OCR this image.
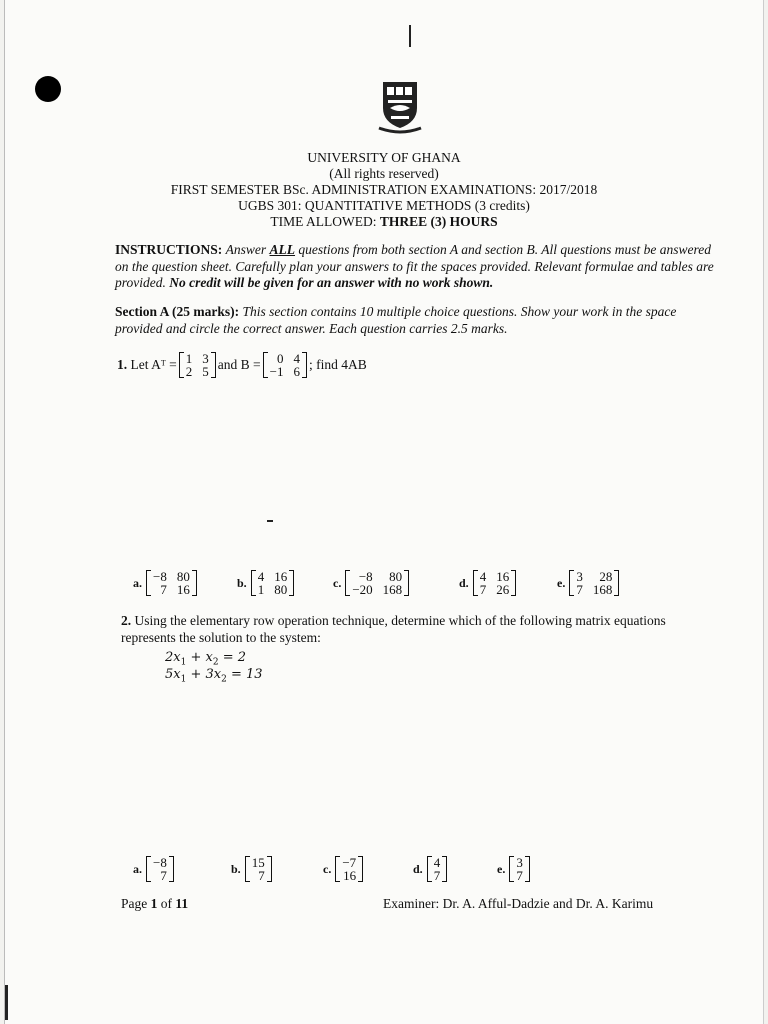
UNIVERSITY OF GHANA
(All rights reserved)
FIRST SEMESTER BSc. ADMINISTRATION EXAMINATIONS: 2017/2018
UGBS 301: QUANTITATIVE METHODS (3 credits)
TIME ALLOWED: THREE (3) HOURS
INSTRUCTIONS: Answer ALL questions from both section A and section B. All questions must be answered on the question sheet. Carefully plan your answers to fit the spaces provided. Relevant formulae and tables are provided. No credit will be given for an answer with no work shown.
Section A (25 marks): This section contains 10 multiple choice questions. Show your work in the space provided and circle the correct answer. Each question carries 2.5 marks.
1.
Let Aᵀ = 1 3
2 5 and B =	0 4
−1 6 ; find 4AB
a. −8 80
7 16	b. 4 16
1 80	c.	−8	80
−20 168	d. 4 16
7 26	e. 3	28
7 168
2. Using the elementary row operation technique, determine which of the following matrix equations represents the solution to the system:
$2x_1 + x_2 = 2$
$5x_1 + 3x_2 = 13$
a. −8
7	b. 15
7	c. −7
16	d. 4
7	e. 3
7
Page 1 of 11	Examiner: Dr. A. Afful-Dadzie and Dr. A. Karimu
